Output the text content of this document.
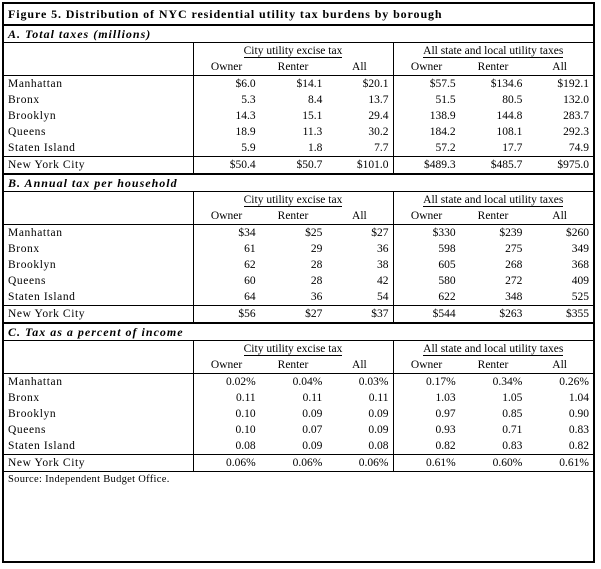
Figure 5. Distribution of NYC residential utility tax burdens by borough
A. Total taxes (millions)
	City utility excise tax			All state and local utility taxes		
	Owner	Renter	All	Owner	Renter	All
Manhattan	$6.0	$14.1	$20.1	$57.5	$134.6	$192.1
Bronx	5.3	8.4	13.7	51.5	80.5	132.0
Brooklyn	14.3	15.1	29.4	138.9	144.8	283.7
Queens	18.9	11.3	30.2	184.2	108.1	292.3
Staten Island	5.9	1.8	7.7	57.2	17.7	74.9
New York City	$50.4	$50.7	$101.0	$489.3	$485.7	$975.0
B. Annual tax per household
	City utility excise tax			All state and local utility taxes		
	Owner	Renter	All	Owner	Renter	All
Manhattan	$34	$25	$27	$330	$239	$260
Bronx	61	29	36	598	275	349
Brooklyn	62	28	38	605	268	368
Queens	60	28	42	580	272	409
Staten Island	64	36	54	622	348	525
New York City	$56	$27	$37	$544	$263	$355
C. Tax as a percent of income
	City utility excise tax			All state and local utility taxes		
	Owner	Renter	All	Owner	Renter	All
Manhattan	0.02%	0.04%	0.03%	0.17%	0.34%	0.26%
Bronx	0.11	0.11	0.11	1.03	1.05	1.04
Brooklyn	0.10	0.09	0.09	0.97	0.85	0.90
Queens	0.10	0.07	0.09	0.93	0.71	0.83
Staten Island	0.08	0.09	0.08	0.82	0.83	0.82
New York City	0.06%	0.06%	0.06%	0.61%	0.60%	0.61%
Source: Independent Budget Office.
